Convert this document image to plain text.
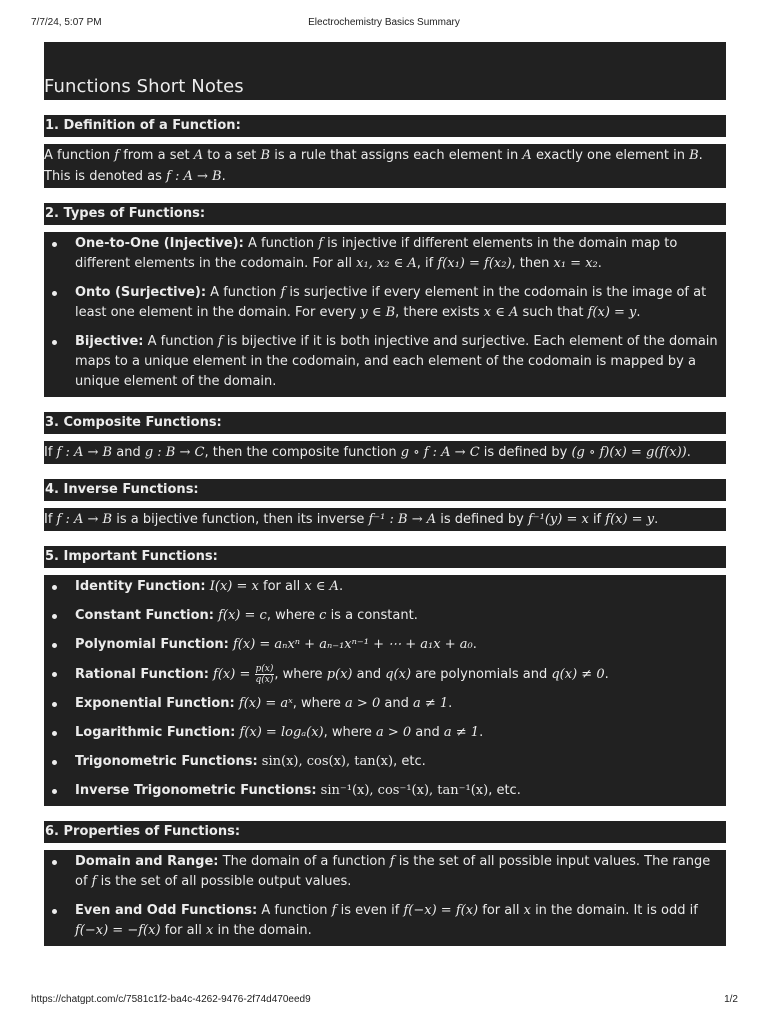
7/7/24, 5:07 PM	Electrochemistry Basics Summary
Functions Short Notes
1. Definition of a Function:
A function f from a set A to a set B is a rule that assigns each element in A exactly one element in B. This is denoted as f : A → B.
2. Types of Functions:
One-to-One (Injective): A function f is injective if different elements in the domain map to different elements in the codomain. For all x₁, x₂ ∈ A, if f(x₁) = f(x₂), then x₁ = x₂.
Onto (Surjective): A function f is surjective if every element in the codomain is the image of at least one element in the domain. For every y ∈ B, there exists x ∈ A such that f(x) = y.
Bijective: A function f is bijective if it is both injective and surjective. Each element of the domain maps to a unique element in the codomain, and each element of the codomain is mapped by a unique element of the domain.
3. Composite Functions:
If f : A → B and g : B → C, then the composite function g ∘ f : A → C is defined by (g ∘ f)(x) = g(f(x)).
4. Inverse Functions:
If f : A → B is a bijective function, then its inverse f⁻¹ : B → A is defined by f⁻¹(y) = x if f(x) = y.
5. Important Functions:
Identity Function: I(x) = x for all x ∈ A.
Constant Function: f(x) = c, where c is a constant.
Polynomial Function: f(x) = aₙxⁿ + aₙ₋₁xⁿ⁻¹ + ⋯ + a₁x + a₀.
Rational Function: $f(x) = \frac{p(x)}{q(x)}$ , where p(x) and q(x) are polynomials and q(x) ≠ 0.
Exponential Function: f(x) = aˣ, where a > 0 and a ≠ 1.
Logarithmic Function: f(x) = logₐ(x), where a > 0 and a ≠ 1.
Trigonometric Functions: sin(x), cos(x), tan(x), etc.
Inverse Trigonometric Functions: sin⁻¹(x), cos⁻¹(x), tan⁻¹(x), etc.
6. Properties of Functions:
Domain and Range: The domain of a function f is the set of all possible input values. The range of f is the set of all possible output values.
Even and Odd Functions: A function f is even if f(−x) = f(x) for all x in the domain. It is odd if f(−x) = −f(x) for all x in the domain.
https://chatgpt.com/c/7581c1f2-ba4c-4262-9476-2f74d470eed9	1/2
